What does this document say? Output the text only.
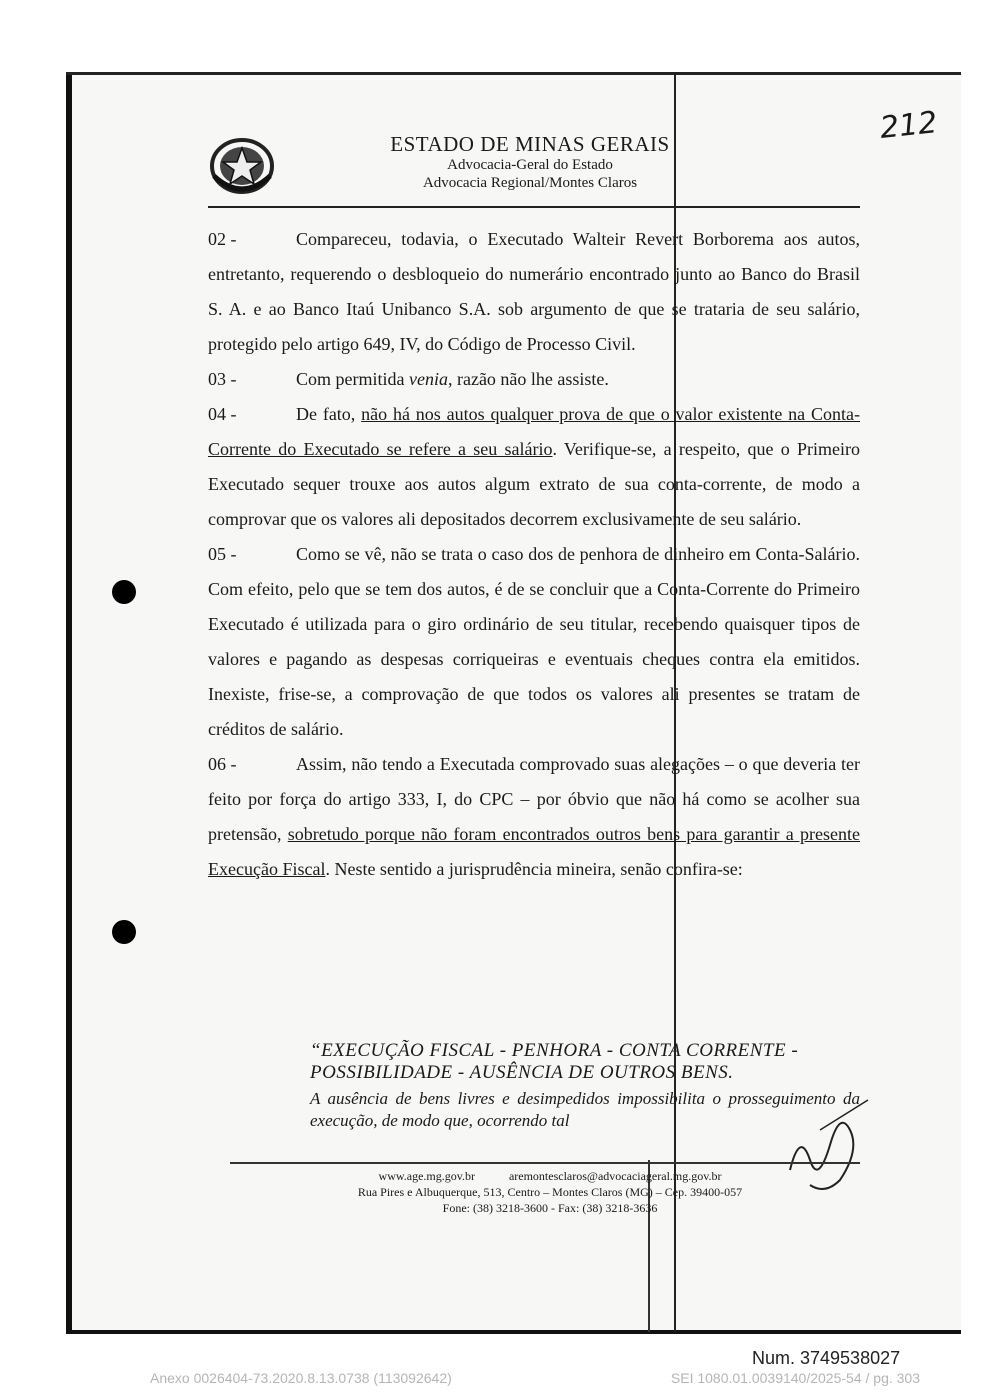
ESTADO DE MINAS GERAIS
Advocacia-Geral do Estado
Advocacia Regional/Montes Claros
212

02 -	Compareceu, todavia, o Executado Walteir Revert Borborema aos autos, entretanto, requerendo o desbloqueio do numerário encontrado junto ao Banco do Brasil S. A. e ao Banco Itaú Unibanco S.A. sob argumento de que se trataria de seu salário, protegido pelo artigo 649, IV, do Código de Processo Civil.

03 -	Com permitida venia, razão não lhe assiste.

04 -	De fato, não há nos autos qualquer prova de que o valor existente na Conta-Corrente do Executado se refere a seu salário. Verifique-se, a respeito, que o Primeiro Executado sequer trouxe aos autos algum extrato de sua conta-corrente, de modo a comprovar que os valores ali depositados decorrem exclusivamente de seu salário.

05 -	Como se vê, não se trata o caso dos de penhora de dinheiro em Conta-Salário. Com efeito, pelo que se tem dos autos, é de se concluir que a Conta-Corrente do Primeiro Executado é utilizada para o giro ordinário de seu titular, recebendo quaisquer tipos de valores e pagando as despesas corriqueiras e eventuais cheques contra ela emitidos. Inexiste, frise-se, a comprovação de que todos os valores ali presentes se tratam de créditos de salário.

06 -	Assim, não tendo a Executada comprovado suas alegações – o que deveria ter feito por força do artigo 333, I, do CPC – por óbvio que não há como se acolher sua pretensão, sobretudo porque não foram encontrados outros bens para garantir a presente Execução Fiscal. Neste sentido a jurisprudência mineira, senão confira-se:

“EXECUÇÃO FISCAL - PENHORA - CONTA CORRENTE - POSSIBILIDADE - AUSÊNCIA DE OUTROS BENS.
A ausência de bens livres e desimpedidos impossibilita o prosseguimento da execução, de modo que, ocorrendo tal
www.age.mg.gov.br	aremontesclaros@advocaciageral.mg.gov.br
Rua Pires e Albuquerque, 513, Centro – Montes Claros (MG) – Cep. 39400-057
Fone: (38) 3218-3600 - Fax: (38) 3218-3636
Num. 3749538027
Anexo 0026404-73.2020.8.13.0738 (113092642)	SEI 1080.01.0039140/2025-54 / pg. 303
